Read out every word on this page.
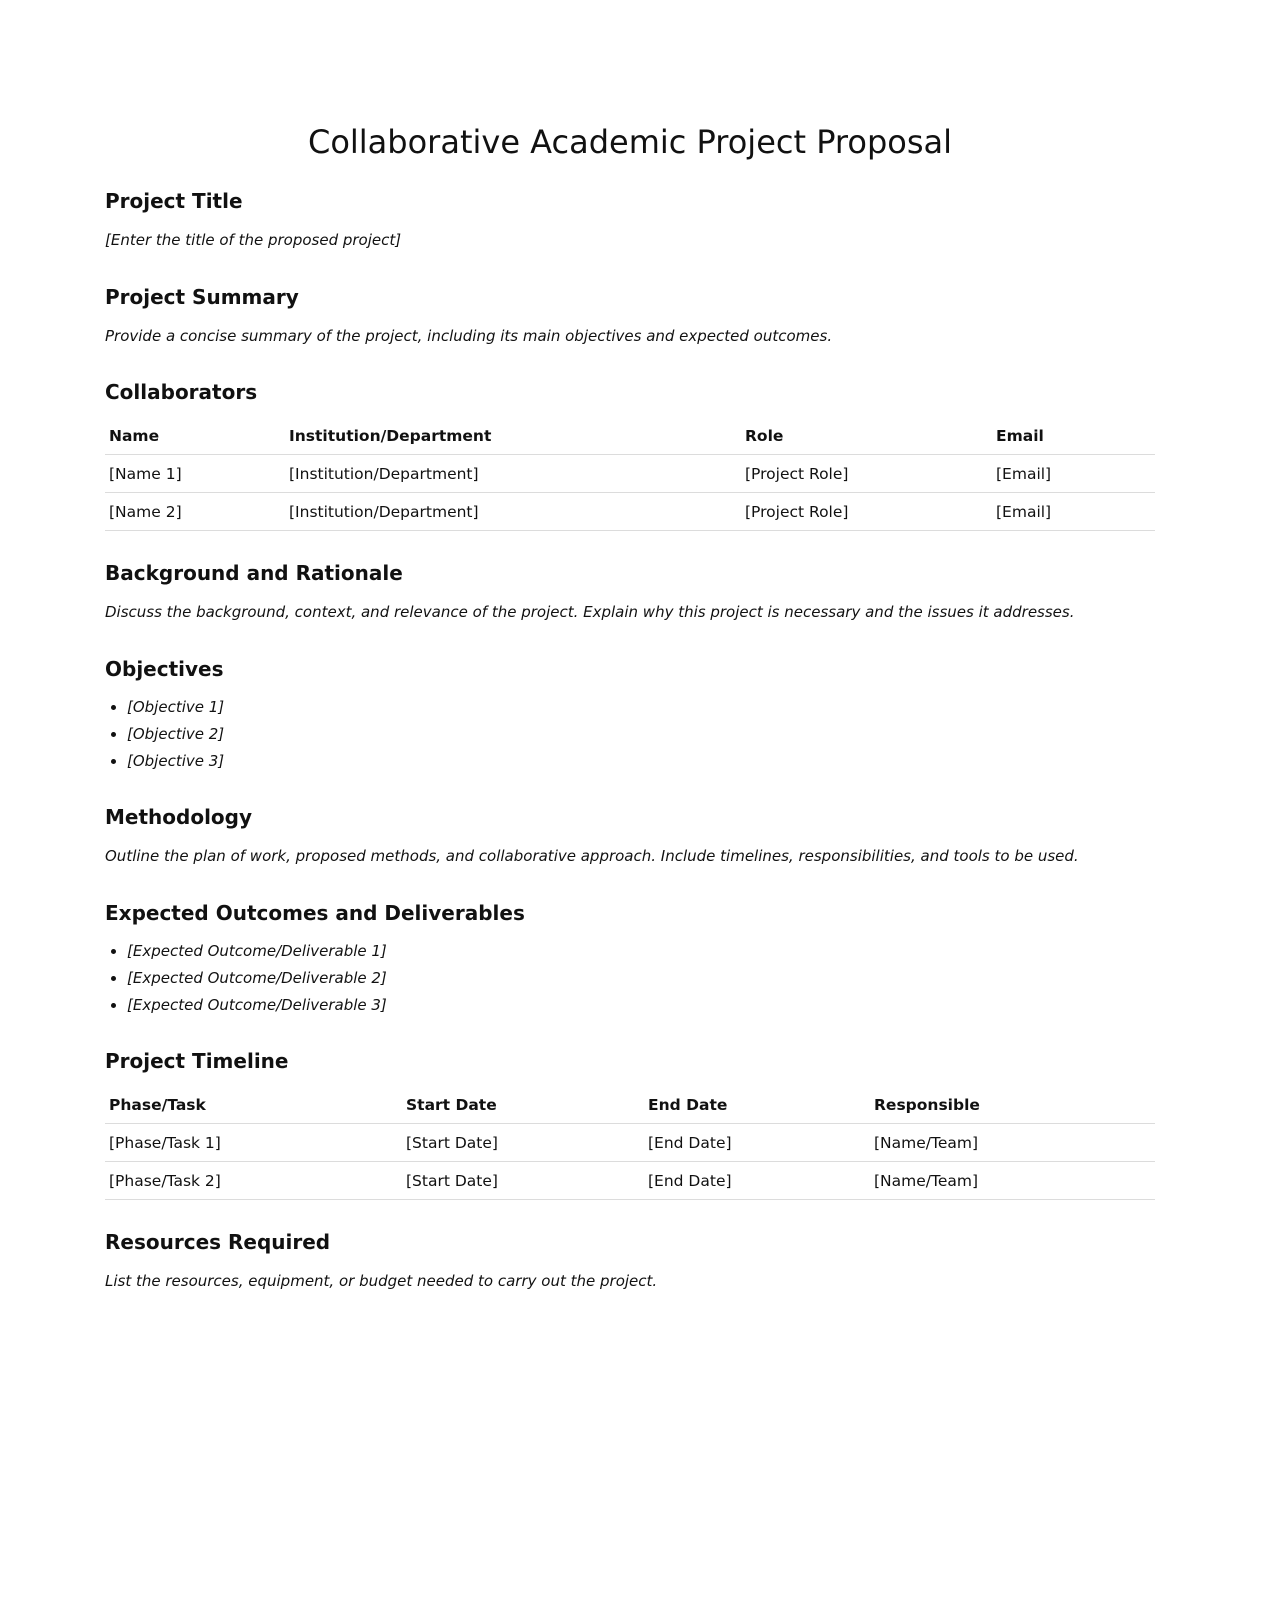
Collaborative Academic Project Proposal
Project Title

[Enter the title of the proposed project]

Project Summary

Provide a concise summary of the project, including its main objectives and expected outcomes.

Collaborators
Name	Institution/Department	Role	Email
[Name 1]	[Institution/Department]	[Project Role]	[Email]
[Name 2]	[Institution/Department]	[Project Role]	[Email]
Background and Rationale

Discuss the background, context, and relevance of the project. Explain why this project is necessary and the issues it addresses.

Objectives
• [Objective 1]
• [Objective 2]
• [Objective 3]
Methodology

Outline the plan of work, proposed methods, and collaborative approach. Include timelines, responsibilities, and tools to be used.

Expected Outcomes and Deliverables
• [Expected Outcome/Deliverable 1]
• [Expected Outcome/Deliverable 2]
• [Expected Outcome/Deliverable 3]
Project Timeline
Phase/Task	Start Date	End Date	Responsible
[Phase/Task 1]	[Start Date]	[End Date]	[Name/Team]
[Phase/Task 2]	[Start Date]	[End Date]	[Name/Team]
Resources Required

List the resources, equipment, or budget needed to carry out the project.
